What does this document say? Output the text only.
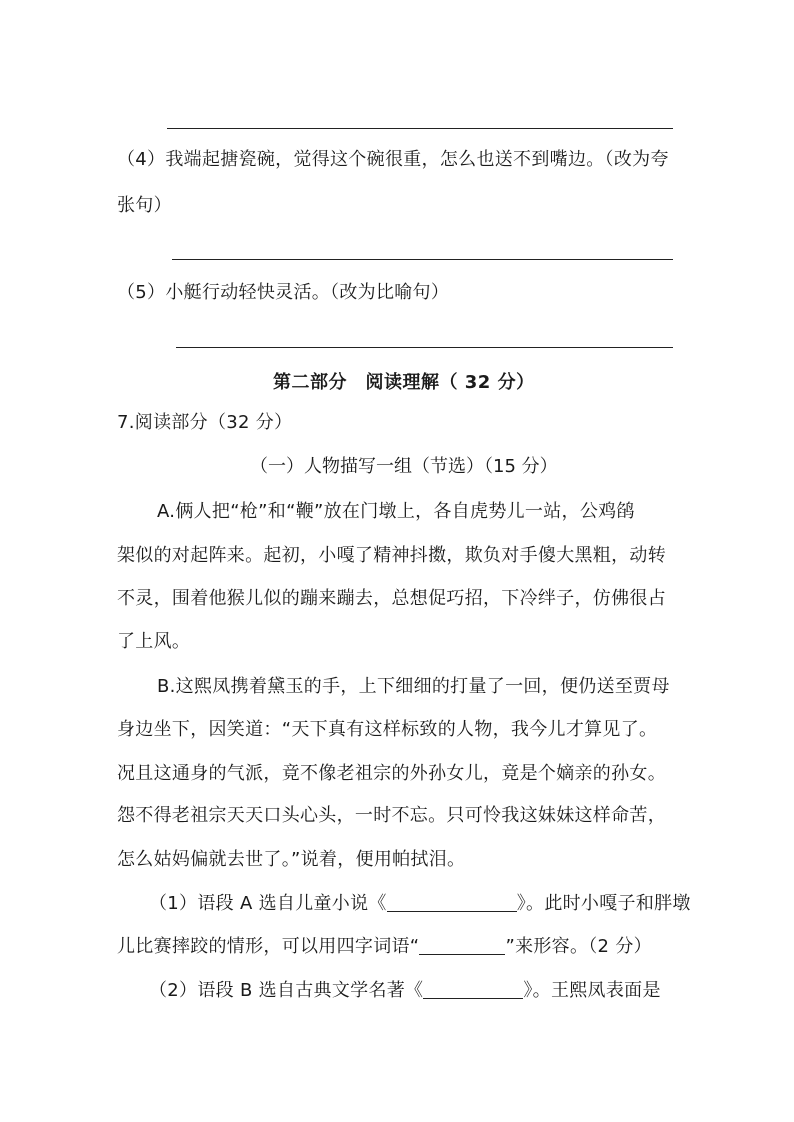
（4）我端起搪瓷碗，觉得这个碗很重，怎么也送不到嘴边。（改为夸
张句）
（5）小艇行动轻快灵活。（改为比喻句）
第二部分　阅读理解（ 32 分）
7.阅读部分（32 分）
（一）人物描写一组（节选）（15 分）
A.俩人把“枪”和“鞭”放在门墩上，各自虎势儿一站，公鸡鹐
架似的对起阵来。起初，小嘎了精神抖擞，欺负对手傻大黑粗，动转
不灵，围着他猴儿似的蹦来蹦去，总想促巧招，下冷绊子，仿佛很占
了上风。
B.这熙凤携着黛玉的手，上下细细的打量了一回，便仍送至贾母
身边坐下，因笑道：“天下真有这样标致的人物，我今儿才算见了。
况且这通身的气派，竟不像老祖宗的外孙女儿，竟是个嫡亲的孙女。
怨不得老祖宗天天口头心头，一时不忘。只可怜我这妹妹这样命苦，
怎么姑妈偏就去世了。”说着，便用帕拭泪。
（1）语段 A 选自儿童小说《	》。此时小嘎子和胖墩
儿比赛摔跤的情形，可以用四字词语“	”来形容。（2 分）
（2）语段 B 选自古典文学名著《	》。王熙凤表面是
